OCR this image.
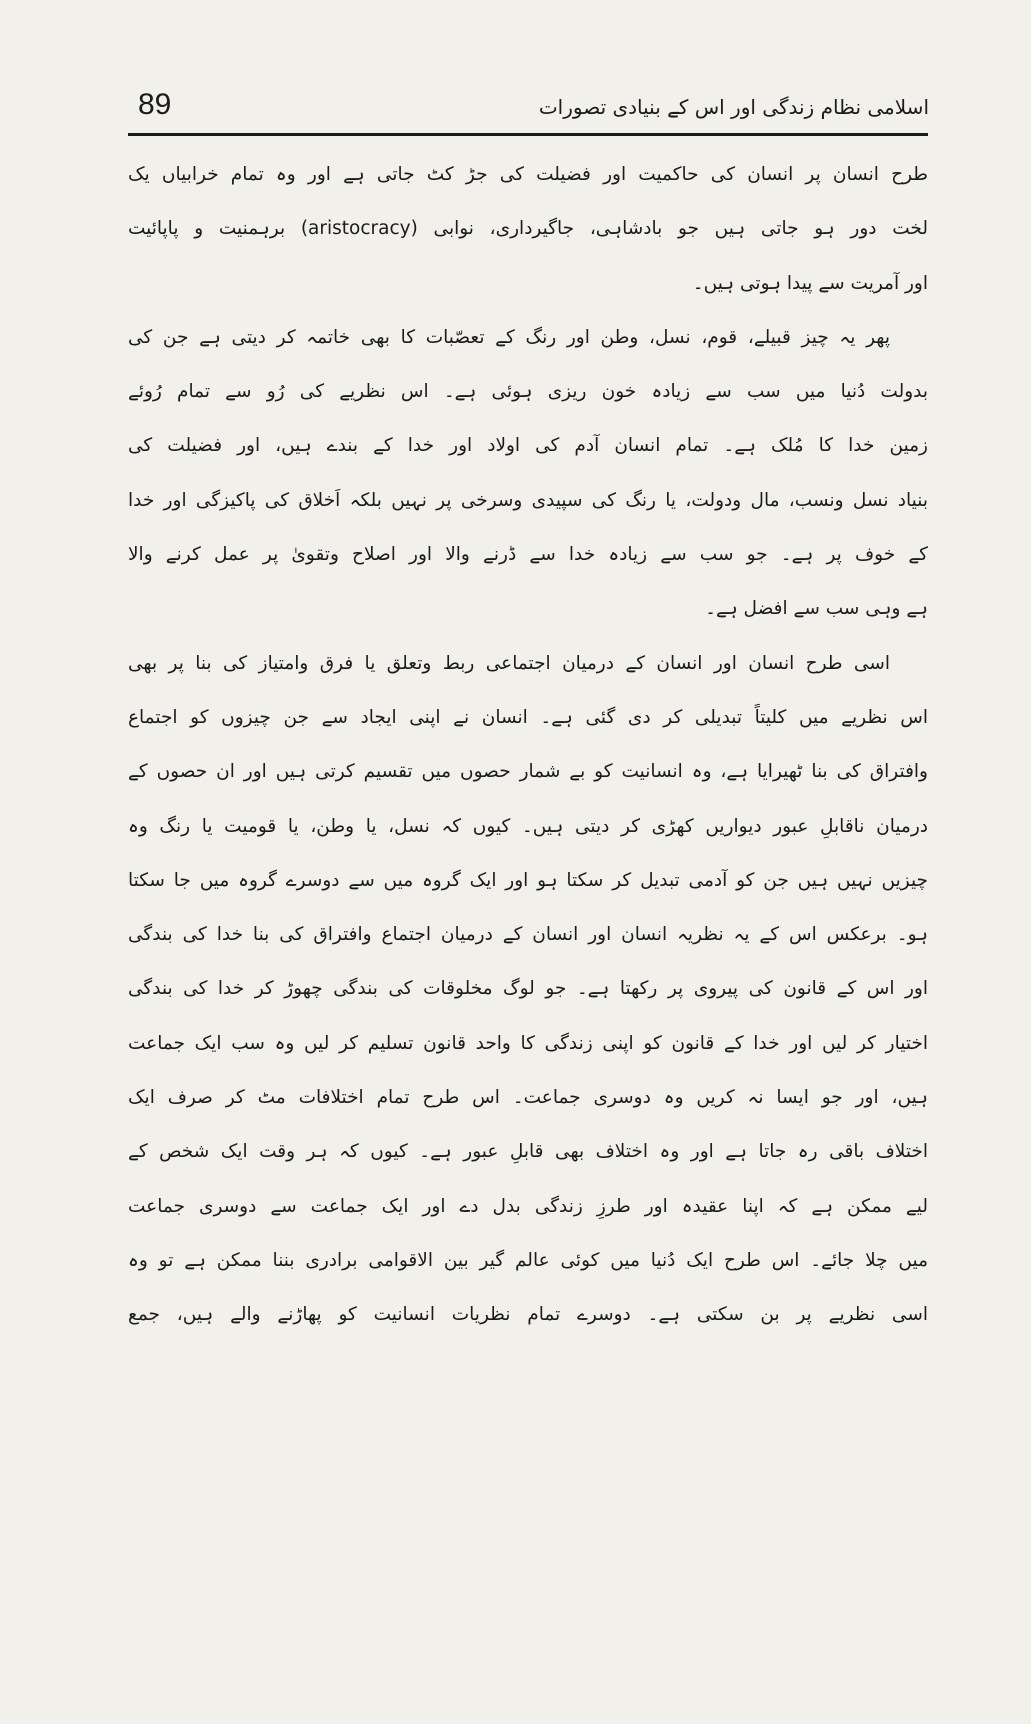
89	اسلامی نظام زندگی اور اس کے بنیادی تصورات
طرح انسان پر انسان کی حاکمیت اور فضیلت کی جڑ کٹ جاتی ہے اور وہ تمام خرابیاں یک
لخت دور ہو جاتی ہیں جو بادشاہی، جاگیرداری، نوابی (aristocracy) برہمنیت و پاپائیت
اور آمریت سے پیدا ہوتی ہیں۔
پھر یہ چیز قبیلے، قوم، نسل، وطن اور رنگ کے تعصّبات کا بھی خاتمہ کر دیتی ہے جن کی
بدولت دُنیا میں سب سے زیادہ خون ریزی ہوئی ہے۔ اس نظریے کی رُو سے تمام رُوئے
زمین خدا کا مُلک ہے۔ تمام انسان آدم کی اولاد اور خدا کے بندے ہیں، اور فضیلت کی
بنیاد نسل ونسب، مال ودولت، یا رنگ کی سپیدی وسرخی پر نہیں بلکہ اَخلاق کی پاکیزگی اور خدا
کے خوف پر ہے۔ جو سب سے زیادہ خدا سے ڈرنے والا اور اصلاح وتقویٰ پر عمل کرنے والا
ہے وہی سب سے افضل ہے۔
اسی طرح انسان اور انسان کے درمیان اجتماعی ربط وتعلق یا فرق وامتیاز کی بنا پر بھی
اس نظریے میں کلیتاً تبدیلی کر دی گئی ہے۔ انسان نے اپنی ایجاد سے جن چیزوں کو اجتماع
وافتراق کی بنا ٹھیرایا ہے، وہ انسانیت کو بے شمار حصوں میں تقسیم کرتی ہیں اور ان حصوں کے
درمیان ناقابلِ عبور دیواریں کھڑی کر دیتی ہیں۔ کیوں کہ نسل، یا وطن، یا قومیت یا رنگ وہ
چیزیں نہیں ہیں جن کو آدمی تبدیل کر سکتا ہو اور ایک گروہ میں سے دوسرے گروہ میں جا سکتا
ہو۔ برعکس اس کے یہ نظریہ انسان اور انسان کے درمیان اجتماع وافتراق کی بنا خدا کی بندگی
اور اس کے قانون کی پیروی پر رکھتا ہے۔ جو لوگ مخلوقات کی بندگی چھوڑ کر خدا کی بندگی
اختیار کر لیں اور خدا کے قانون کو اپنی زندگی کا واحد قانون تسلیم کر لیں وہ سب ایک جماعت
ہیں، اور جو ایسا نہ کریں وہ دوسری جماعت۔ اس طرح تمام اختلافات مٹ کر صرف ایک
اختلاف باقی رہ جاتا ہے اور وہ اختلاف بھی قابلِ عبور ہے۔ کیوں کہ ہر وقت ایک شخص کے
لیے ممکن ہے کہ اپنا عقیدہ اور طرزِ زندگی بدل دے اور ایک جماعت سے دوسری جماعت
میں چلا جائے۔ اس طرح ایک دُنیا میں کوئی عالم گیر بین الاقوامی برادری بننا ممکن ہے تو وہ
اسی نظریے پر بن سکتی ہے۔ دوسرے تمام نظریات انسانیت کو پھاڑنے والے ہیں، جمع
